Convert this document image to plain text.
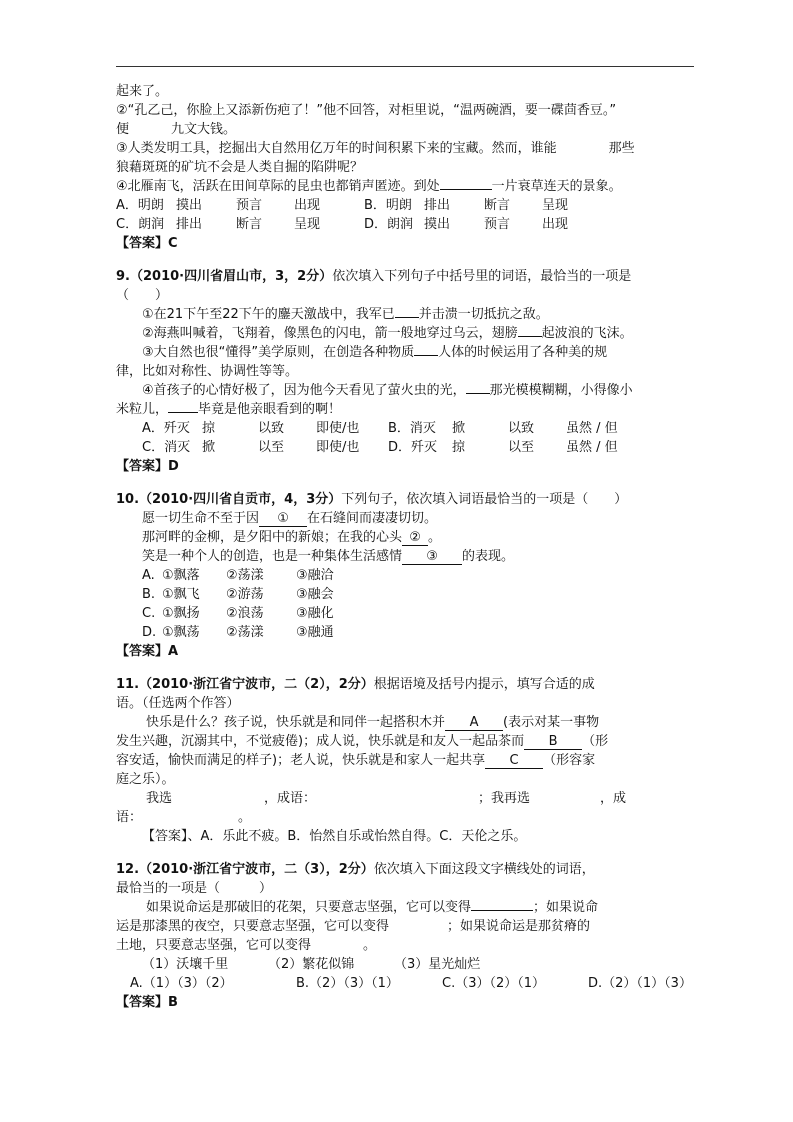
起来了。
②“孔乙己，你脸上又添新伤疤了！”他不回答，对柜里说，“温两碗酒，要一碟茴香豆。”
便	九文大钱。
③人类发明工具，挖掘出大自然用亿万年的时间积累下来的宝藏。然而，谁能	那些
狼藉斑斑的矿坑不会是人类自掘的陷阱呢？
④北雁南飞，活跃在田间草际的昆虫也都销声匿迹。到处	一片衰草连天的景象。
A．明朗 摸出	预言	出现	B．明朗 排出	断言	呈现
C．朗润 排出	断言	呈现	D．朗润 摸出	预言	出现
【答案】C
9.（2010·四川省眉山市，3，2分）依次填入下列句子中括号里的词语，最恰当的一项是
（　　）
①在21下午至22下午的鏖天激战中，我军已 并击溃一切抵抗之敌。
②海燕叫喊着，飞翔着，像黑色的闪电，箭一般地穿过乌云，翅膀 起波浪的飞沫。
③大自然也很“懂得”美学原则，在创造各种物质 人体的时候运用了各种美的规
律，比如对称性、协调性等等。
④首孩子的心情好极了，因为他今天看见了萤火虫的光， 那光模模糊糊，小得像小
米粒儿， 毕竟是他亲眼看到的啊！
A．歼灭 掠	以致	即使/也	B．消灭	掀	以致	虽然 / 但
C．消灭 掀	以至	即使/也	D．歼灭	掠	以至	虽然 / 但
【答案】D
10.（2010·四川省自贡市，4，3分）下列句子，依次填入词语最恰当的一项是（　　）
愿一切生命不至于因 ① 在石缝间而凄凄切切。
那河畔的金柳，是夕阳中的新娘；在我的心头 ② 。
笑是一种个人的创造，也是一种集体生活感情 ③ 的表现。
A. ①飘落	②荡漾	③融洽
B. ①飘飞	②游荡	③融会
C. ①飘扬	②浪荡	③融化
D. ①飘荡	②荡漾	③融通
【答案】A
11.（2010·浙江省宁波市，二（2），2分）根据语境及括号内提示，填写合适的成
语。（任选两个作答）
快乐是什么？孩子说，快乐就是和同伴一起搭积木并 A (表示对某一事物
发生兴趣，沉溺其中，不觉疲倦)；成人说，快乐就是和友人一起品茶而 B （形
容安适，愉快而满足的样子)；老人说，快乐就是和家人一起共享 C （形容家
庭之乐）。
我选	，成语：	；我再选	，成
语：	。
【答案】、A．乐此不疲。B．怡然自乐或怡然自得。C．天伦之乐。
12.（2010·浙江省宁波市，二（3），2分）依次填入下面这段文字横线处的词语，
最恰当的一项是（　　　）
如果说命运是那破旧的花架，只要意志坚强，它可以变得	；如果说命
运是那漆黑的夜空，只要意志坚强，它可以变得	；如果说命运是那贫瘠的
土地，只要意志坚强，它可以变得	。
（1）沃壤千里	（2）繁花似锦	（3）星光灿烂
A.（1）（3）（2）	B.（2）（3）（1）	C.（3）（2）（1）	D.（2）（1）（3）
【答案】B
